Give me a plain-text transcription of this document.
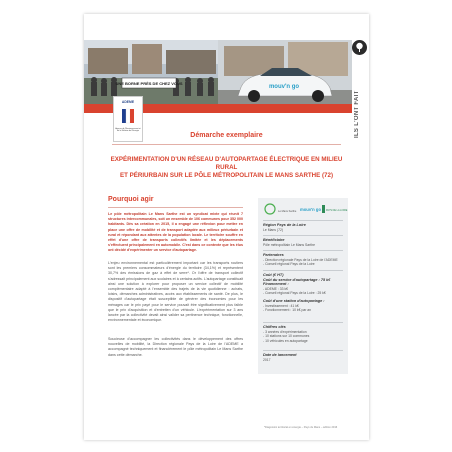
UNE BORNE PRÈS DE CHEZ VOUS
mouv'n go
ADEME
Agence de l'Environnement et de la Maîtrise de l'Energie	ILS L'ONT FAIT
Démarche exemplaire
EXPÉRIMENTATION D'UN RÉSEAU D'AUTOPARTAGE ÉLECTRIQUE EN MILIEU RURAL
ET PÉRIURBAIN SUR LE PÔLE MÉTROPOLITAIN LE MANS SARTHE (72)
Pourquoi agir
Le pôle métropolitain Le Mans Sarthe est un syndicat mixte qui réunit 7 structures intercommunales, soit un ensemble de 106 communes pour 352 000 habitants. Dès sa création en 2015, il a engagé une réflexion pour mettre en place une offre de mobilité et de transport adaptée aux milieux périurbain et rural et répondant aux attentes de la population locale. Le territoire souffre en effet d'une offre de transports collectifs limitée et les déplacements s'effectuent principalement en automobile. C'est dans ce contexte que les élus ont décidé d'expérimenter un service d'autopartage.
L'enjeu environnemental est particulièrement important car les transports routiers sont les premiers consommateurs d'énergie du territoire (34,1%) et représentent 30,7% des émissions de gaz à effet de serre*. Or l'offre de transport collectif s'adressait principalement aux scolaires et à certains actifs. L'autopartage constituait ainsi une solution à explorer pour proposer un service collectif de mobilité complémentaire adapté à l'ensemble des trajets de la vie quotidienne : achats, loisirs, démarches administratives, accès aux établissements de santé. De plus, le dispositif d'autopartage était susceptible de générer des économies pour les ménages car le prix payé pour le service pouvait être significativement plus faible que le prix d'acquisition et d'entretien d'un véhicule. L'expérimentation sur 3 ans lancée par la collectivité devait ainsi valider sa pertinence technique, fonctionnelle, environnementale et économique.
Soucieuse d'accompagner les collectivités dans le développement des offres nouvelles de mobilité, la Direction régionale Pays de la Loire de l'ADEME a accompagné techniquement et financièrement le pôle métropolitain Le Mans Sarthe dans cette démarche.
Le Mans Sarthe mouv'n go PAYS DE LA LOIRE
Région Pays de la Loire
Le Mans (72)
Bénéficiaire
Pôle métropolitain Le Mans Sarthe
Partenaires
- Direction régionale Pays de la Loire de l'ADEME
- Conseil régional Pays de la Loire
Coût (€ HT)
Coût du service d'autopartage : 75 k€
Financement :
- ADEME : 33 k€
- Conseil régional Pays de la Loire : 25 k€
Coût d'une station d'autopartage :
- Investissement : 41 k€
- Fonctionnement : 10 k€ par an
Chiffres clés
- 3 années d'expérimentation
- 10 stations sur 10 communes
- 10 véhicules en autopartage
Date de lancement
2017
*Diagnostic territorial en énergie – Pays du Mans – édition 2016
